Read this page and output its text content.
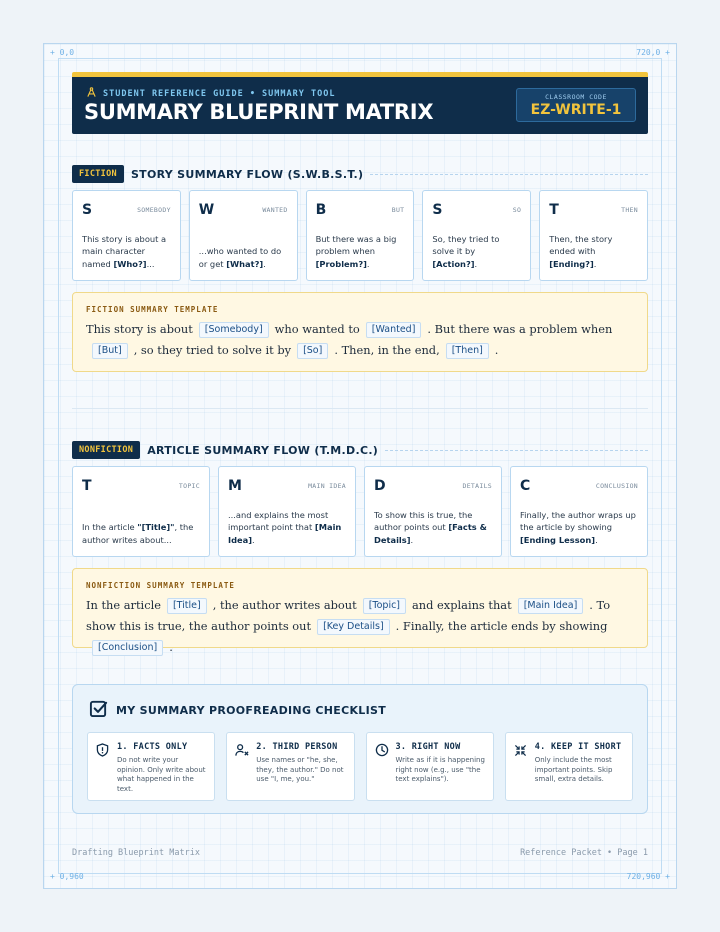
+ 0,0	720,0 +
+ 0,960	720,960 +
STUDENT REFERENCE GUIDE • SUMMARY TOOL
SUMMARY BLUEPRINT MATRIX
CLASSROOM CODE
EZ-WRITE-1
FICTION	STORY SUMMARY FLOW (S.W.B.S.T.)
S	SOMEBODY
This story is about a main character named [Who?]...
W	WANTED
...who wanted to do or get [What?].
B	BUT
But there was a big problem when [Problem?].
S	SO
So, they tried to solve it by [Action?].
T	THEN
Then, the story ended with [Ending?].
FICTION SUMMARY TEMPLATE
This story is about [Somebody] who wanted to [Wanted] . But there was a problem when[But] , so they tried to solve it by [So] . Then, in the end, [Then] .
NONFICTION	ARTICLE SUMMARY FLOW (T.M.D.C.)
T	TOPIC
In the article "[Title]", the author writes about...
M	MAIN IDEA
...and explains the most important point that [Main Idea].
D	DETAILS
To show this is true, the author points out [Facts & Details].
C	CONCLUSION
Finally, the author wraps up the article by showing [Ending Lesson].
NONFICTION SUMMARY TEMPLATE
In the article [Title] , the author writes about [Topic] and explains that [Main Idea] . To show this is true, the author points out [Key Details] . Finally, the article ends by showing[Conclusion] .
MY SUMMARY PROOFREADING CHECKLIST
1. FACTS ONLY
Do not write your opinion. Only write about what happened in the text.
2. THIRD PERSON
Use names or "he, she, they, the author." Do not use "I, me, you."
3. RIGHT NOW
Write as if it is happening right now (e.g., use "the text explains").
4. KEEP IT SHORT
Only include the most important points. Skip small, extra details.
Drafting Blueprint Matrix	Reference Packet • Page 1
